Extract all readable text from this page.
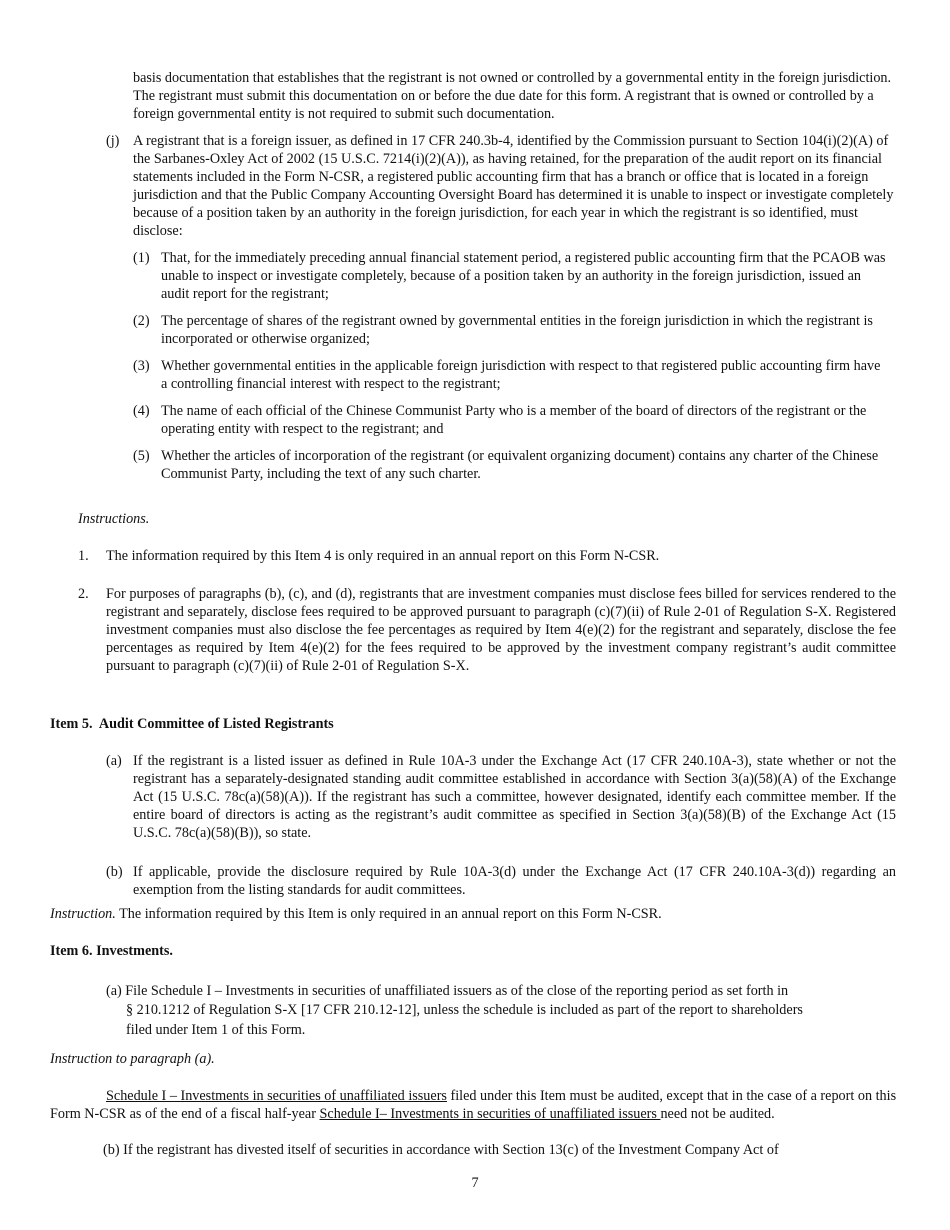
basis documentation that establishes that the registrant is not owned or controlled by a governmental entity in the foreign jurisdiction. The registrant must submit this documentation on or before the due date for this form. A registrant that is owned or controlled by a foreign governmental entity is not required to submit such documentation.

(j) A registrant that is a foreign issuer, as defined in 17 CFR 240.3b-4, identified by the Commission pursuant to Section 104(i)(2)(A) of the Sarbanes-Oxley Act of 2002 (15 U.S.C. 7214(i)(2)(A)), as having retained, for the preparation of the audit report on its financial statements included in the Form N-CSR, a registered public accounting firm that has a branch or office that is located in a foreign jurisdiction and that the Public Company Accounting Oversight Board has determined it is unable to inspect or investigate completely because of a position taken by an authority in the foreign jurisdiction, for each year in which the registrant is so identified, must disclose:

(1) That, for the immediately preceding annual financial statement period, a registered public accounting firm that the PCAOB was unable to inspect or investigate completely, because of a position taken by an authority in the foreign jurisdiction, issued an audit report for the registrant;

(2) The percentage of shares of the registrant owned by governmental entities in the foreign jurisdiction in which the registrant is incorporated or otherwise organized;

(3) Whether governmental entities in the applicable foreign jurisdiction with respect to that registered public accounting firm have a controlling financial interest with respect to the registrant;

(4) The name of each official of the Chinese Communist Party who is a member of the board of directors of the registrant or the operating entity with respect to the registrant; and

(5) Whether the articles of incorporation of the registrant (or equivalent organizing document) contains any charter of the Chinese Communist Party, including the text of any such charter.

Instructions.

1. The information required by this Item 4 is only required in an annual report on this Form N-CSR.

2. For purposes of paragraphs (b), (c), and (d), registrants that are investment companies must disclose fees billed for services rendered to the registrant and separately, disclose fees required to be approved pursuant to paragraph (c)(7)(ii) of Rule 2-01 of Regulation S-X. Registered investment companies must also disclose the fee percentages as required by Item 4(e)(2) for the registrant and separately, disclose the fee percentages as required by Item 4(e)(2) for the fees required to be approved by the investment company registrant’s audit committee pursuant to paragraph (c)(7)(ii) of Rule 2-01 of Regulation S-X.

Item 5.  Audit Committee of Listed Registrants

(a) If the registrant is a listed issuer as defined in Rule 10A-3 under the Exchange Act (17 CFR 240.10A-3), state whether or not the registrant has a separately-designated standing audit committee established in accordance with Section 3(a)(58)(A) of the Exchange Act (15 U.S.C. 78c(a)(58)(A)). If the registrant has such a committee, however designated, identify each committee member. If the entire board of directors is acting as the registrant’s audit committee as specified in Section 3(a)(58)(B) of the Exchange Act (15 U.S.C. 78c(a)(58)(B)), so state.

(b) If applicable, provide the disclosure required by Rule 10A-3(d) under the Exchange Act (17 CFR 240.10A-3(d)) regarding an exemption from the listing standards for audit committees.

Instruction. The information required by this Item is only required in an annual report on this Form N-CSR.

Item 6. Investments.

(a) File Schedule I – Investments in securities of unaffiliated issuers as of the close of the reporting period as set forth in

§ 210.1212 of Regulation S-X [17 CFR 210.12-12], unless the schedule is included as part of the report to shareholders filed under Item 1 of this Form.

Instruction to paragraph (a).

Schedule I – Investments in securities of unaffiliated issuers filed under this Item must be audited, except that in the case of a report on this Form N-CSR as of the end of a fiscal half-year Schedule I– Investments in securities of unaffiliated issuers need not be audited.

(b) If the registrant has divested itself of securities in accordance with Section 13(c) of the Investment Company Act of

7
